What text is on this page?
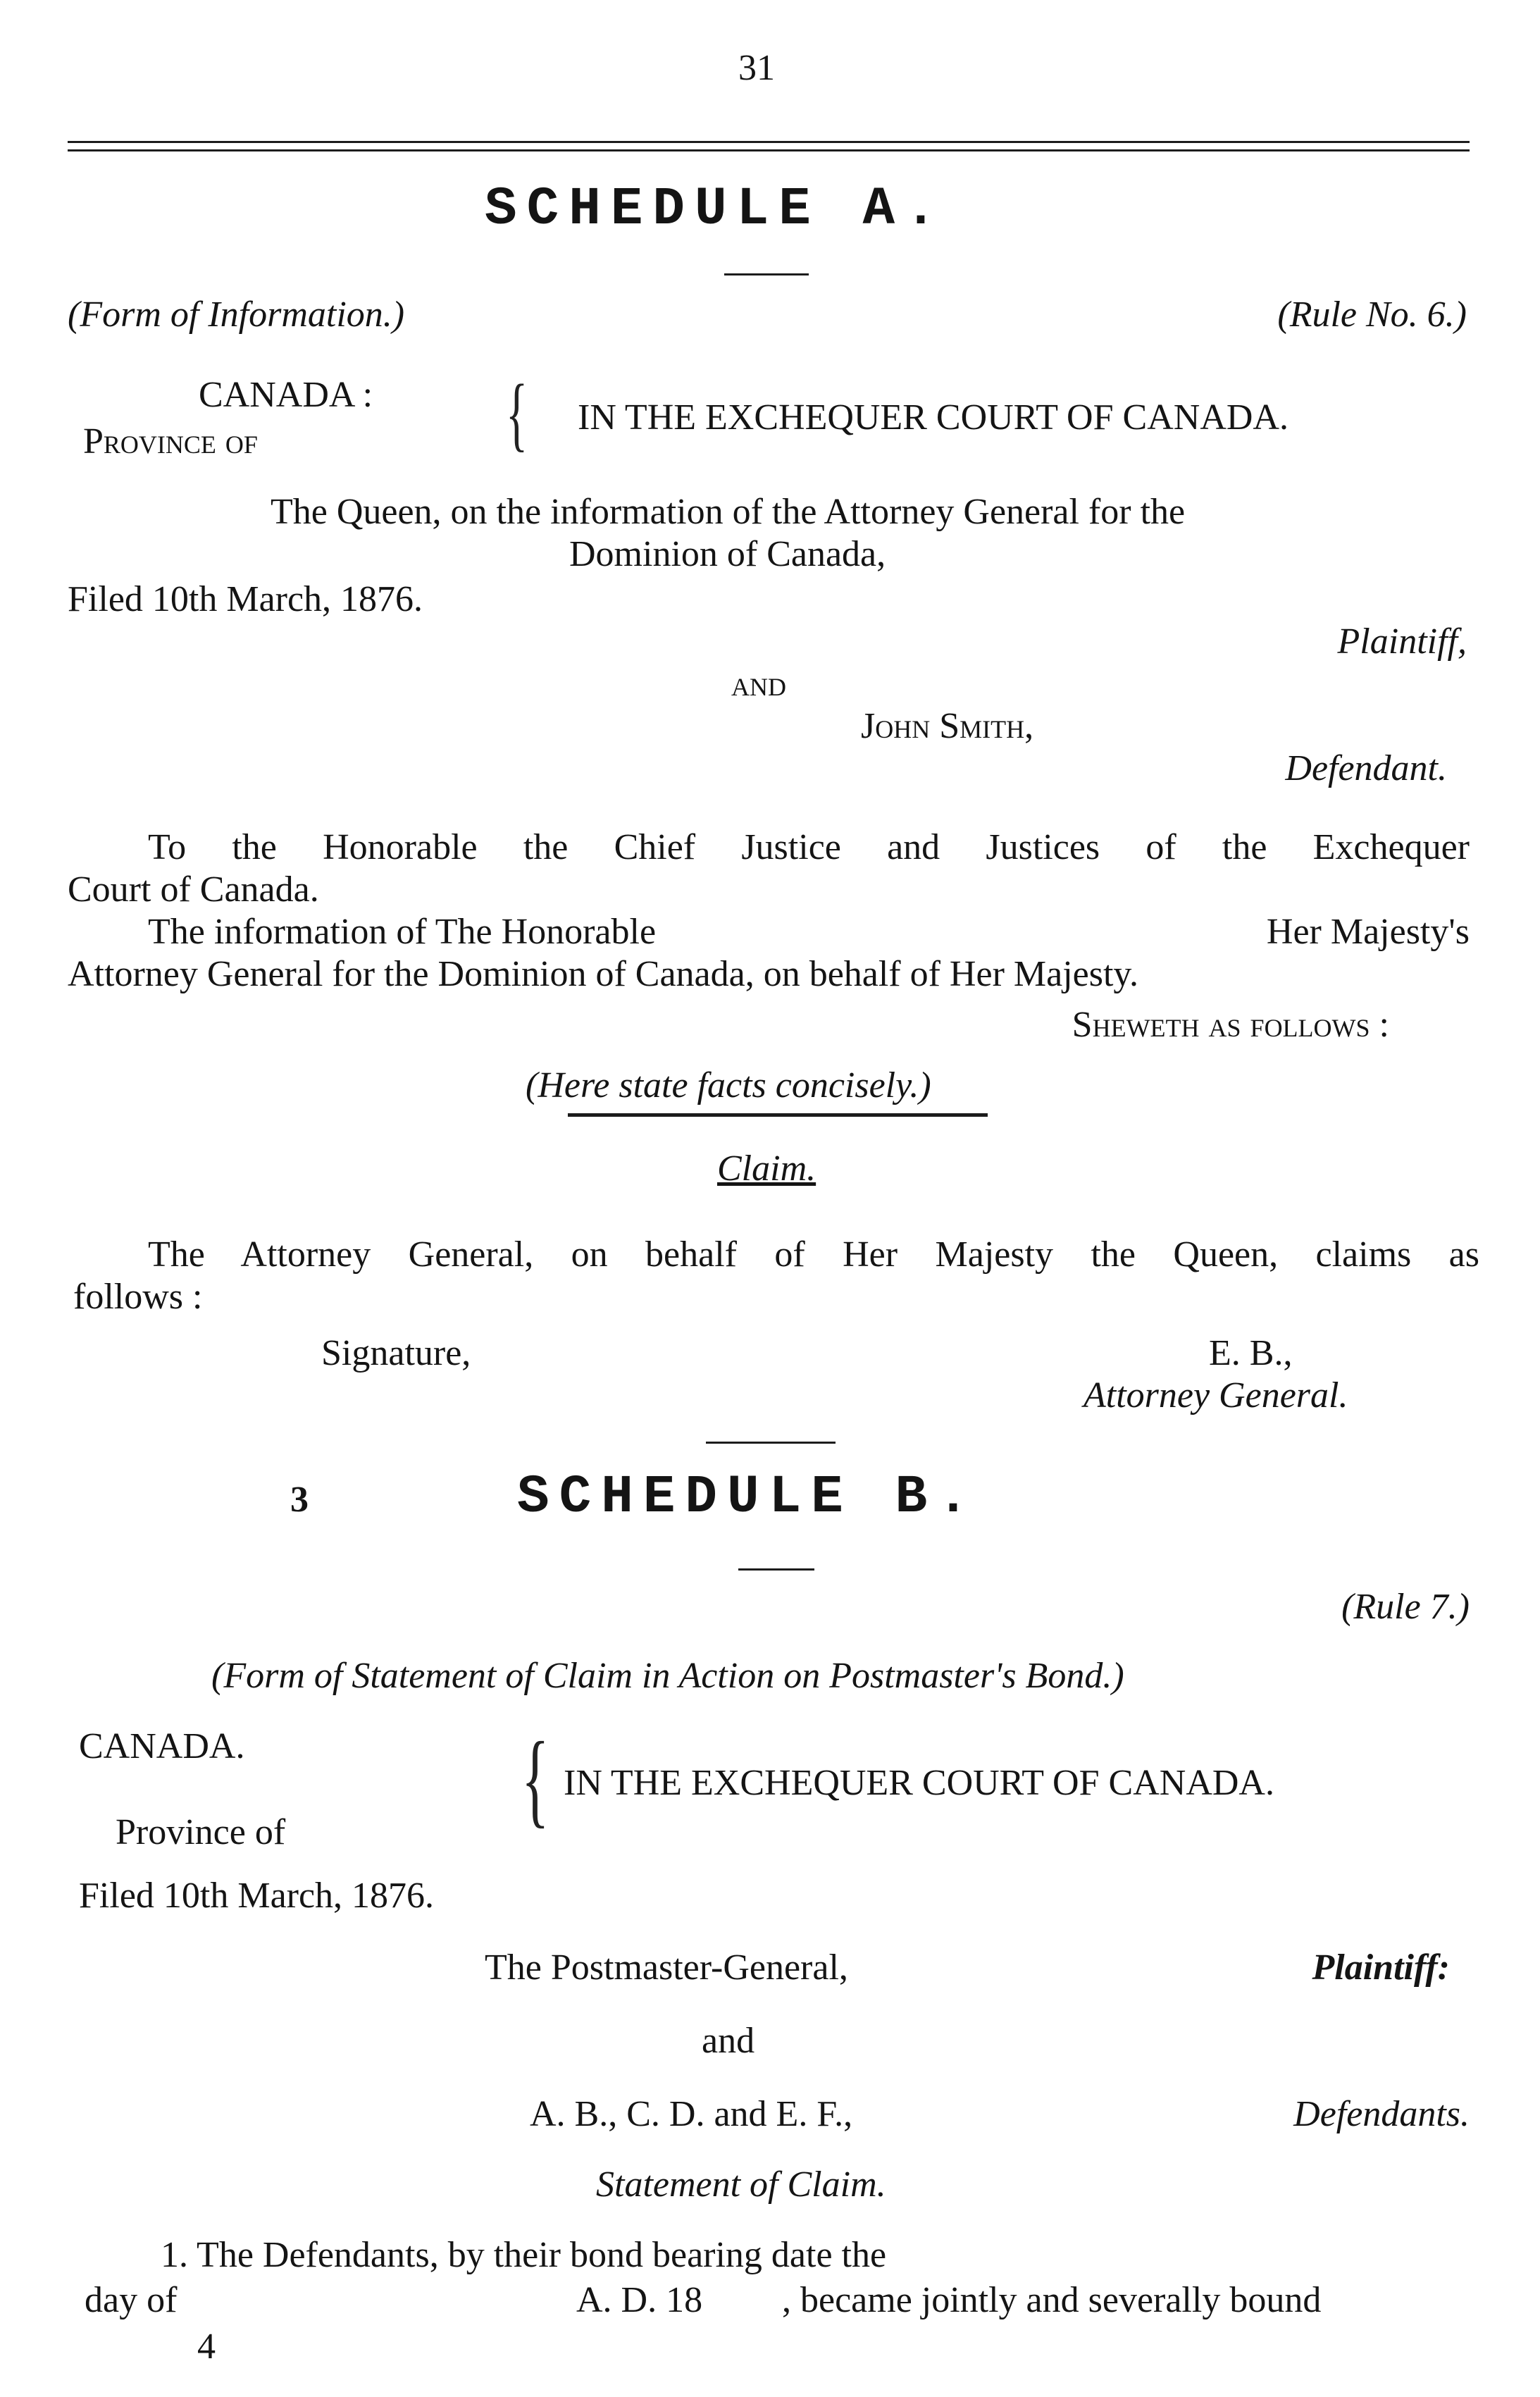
31
SCHEDULE A.
(Form of Information.)	(Rule No. 6.)
CANADA :
Province of	{ IN THE EXCHEQUER COURT OF CANADA.
The Queen, on the information of the Attorney General for the
Dominion of Canada,
Filed 10th March, 1876.
Plaintiff,
and
John Smith,
Defendant.
To the Honorable the Chief Justice and Justices of the Exchequer
Court of Canada.
The information of The Honorable	Her Majesty's
Attorney General for the Dominion of Canada, on behalf of Her Majesty.
Sheweth as follows :
(Here state facts concisely.)
Claim.
The Attorney General, on behalf of Her Majesty the Queen, claims as
follows :
Signature,	E. B.,
Attorney General.
3	SCHEDULE B.
(Rule 7.)
(Form of Statement of Claim in Action on Postmaster's Bond.)
CANADA.
Province of { IN THE EXCHEQUER COURT OF CANADA.
Filed 10th March, 1876.
The Postmaster-General,	Plaintiff:
and
A. B., C. D. and E. F.,	Defendants.
Statement of Claim.
1. The Defendants, by their bond bearing date the
day of	A. D. 18 , became jointly and severally bound
4
